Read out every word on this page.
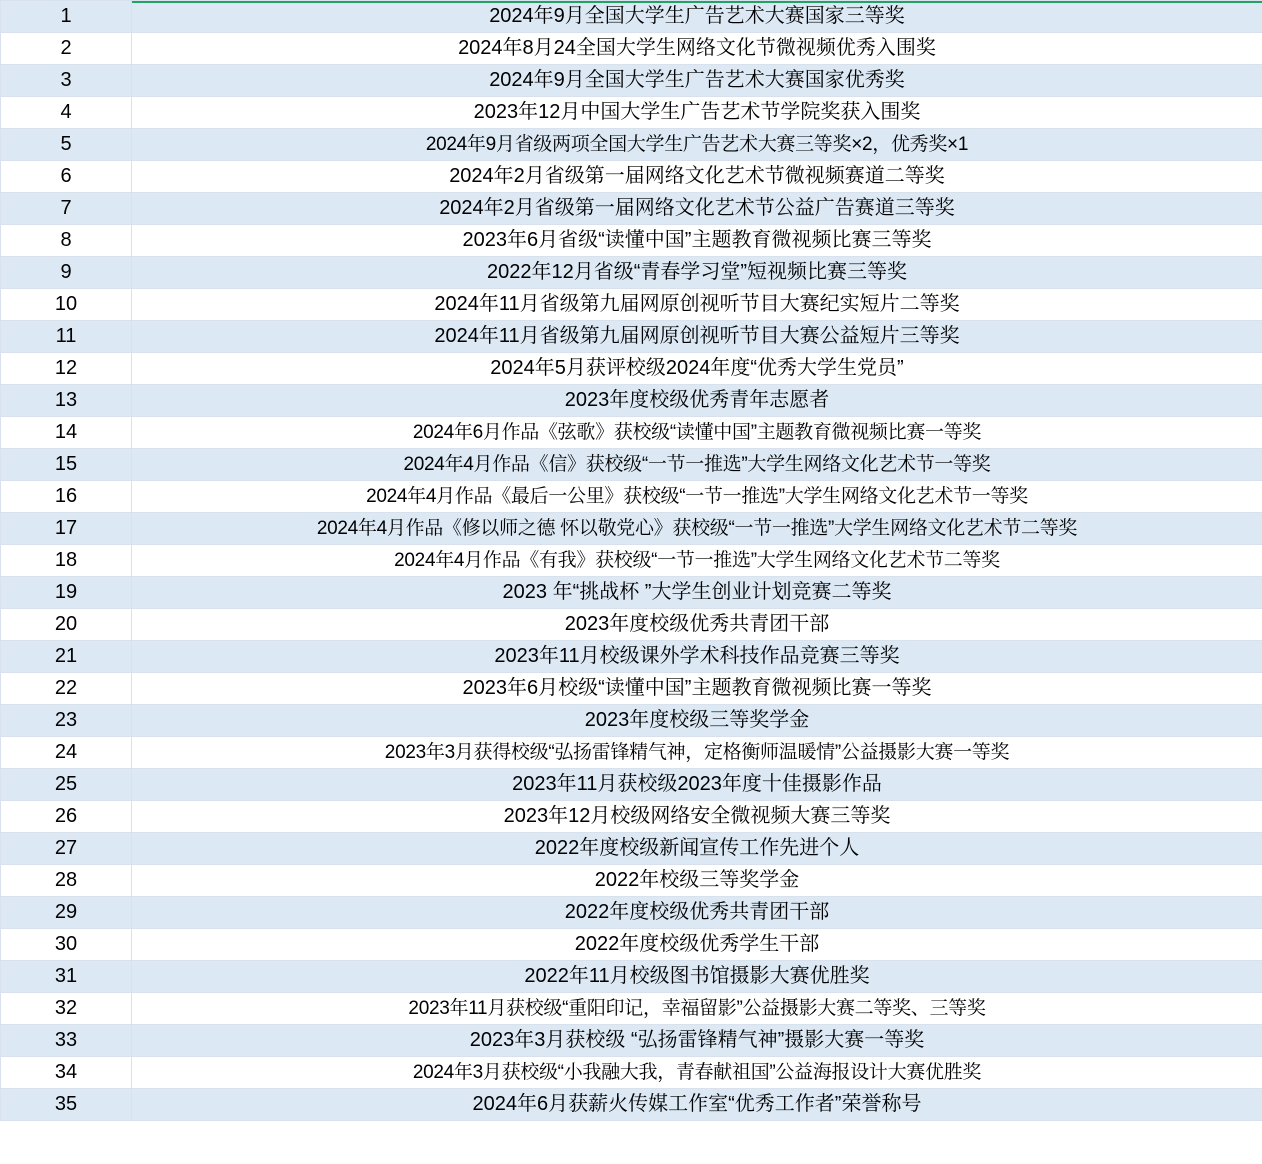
1	2024年9月全国大学生广告艺术大赛国家三等奖

2	2024年8月24全国大学生网络文化节微视频优秀入围奖

3	2024年9月全国大学生广告艺术大赛国家优秀奖

4	2023年12月中国大学生广告艺术节学院奖获入围奖

5	2024年9月省级两项全国大学生广告艺术大赛三等奖×2，优秀奖×1

6	2024年2月省级第一届网络文化艺术节微视频赛道二等奖

7	2024年2月省级第一届网络文化艺术节公益广告赛道三等奖

8	2023年6月省级“读懂中国”主题教育微视频比赛三等奖

9	2022年12月省级“青春学习堂”短视频比赛三等奖

10	2024年11月省级第九届网原创视听节目大赛纪实短片二等奖

11	2024年11月省级第九届网原创视听节目大赛公益短片三等奖

12	2024年5月获评校级2024年度“优秀大学生党员”

13	2023年度校级优秀青年志愿者

14	2024年6月作品《弦歌》获校级“读懂中国”主题教育微视频比赛一等奖

15	2024年4月作品《信》获校级“一节一推选”大学生网络文化艺术节一等奖

16	2024年4月作品《最后一公里》获校级“一节一推选”大学生网络文化艺术节一等奖

17	2024年4月作品《修以师之德 怀以敬党心》获校级“一节一推选”大学生网络文化艺术节二等奖

18	2024年4月作品《有我》获校级“一节一推选”大学生网络文化艺术节二等奖

19	2023 年“挑战杯 ”大学生创业计划竞赛二等奖

20	2023年度校级优秀共青团干部

21	2023年11月校级课外学术科技作品竞赛三等奖

22	2023年6月校级“读懂中国”主题教育微视频比赛一等奖

23	2023年度校级三等奖学金

24	2023年3月获得校级“弘扬雷锋精气神，定格衡师温暖情”公益摄影大赛一等奖

25	2023年11月获校级2023年度十佳摄影作品

26	2023年12月校级网络安全微视频大赛三等奖

27	2022年度校级新闻宣传工作先进个人

28	2022年校级三等奖学金

29	2022年度校级优秀共青团干部

30	2022年度校级优秀学生干部

31	2022年11月校级图书馆摄影大赛优胜奖

32	2023年11月获校级“重阳印记，幸福留影”公益摄影大赛二等奖、三等奖

33	2023年3月获校级 “弘扬雷锋精气神”摄影大赛一等奖

34	2024年3月获校级“小我融大我，青春献祖国”公益海报设计大赛优胜奖

35	2024年6月获薪火传媒工作室“优秀工作者”荣誉称号
